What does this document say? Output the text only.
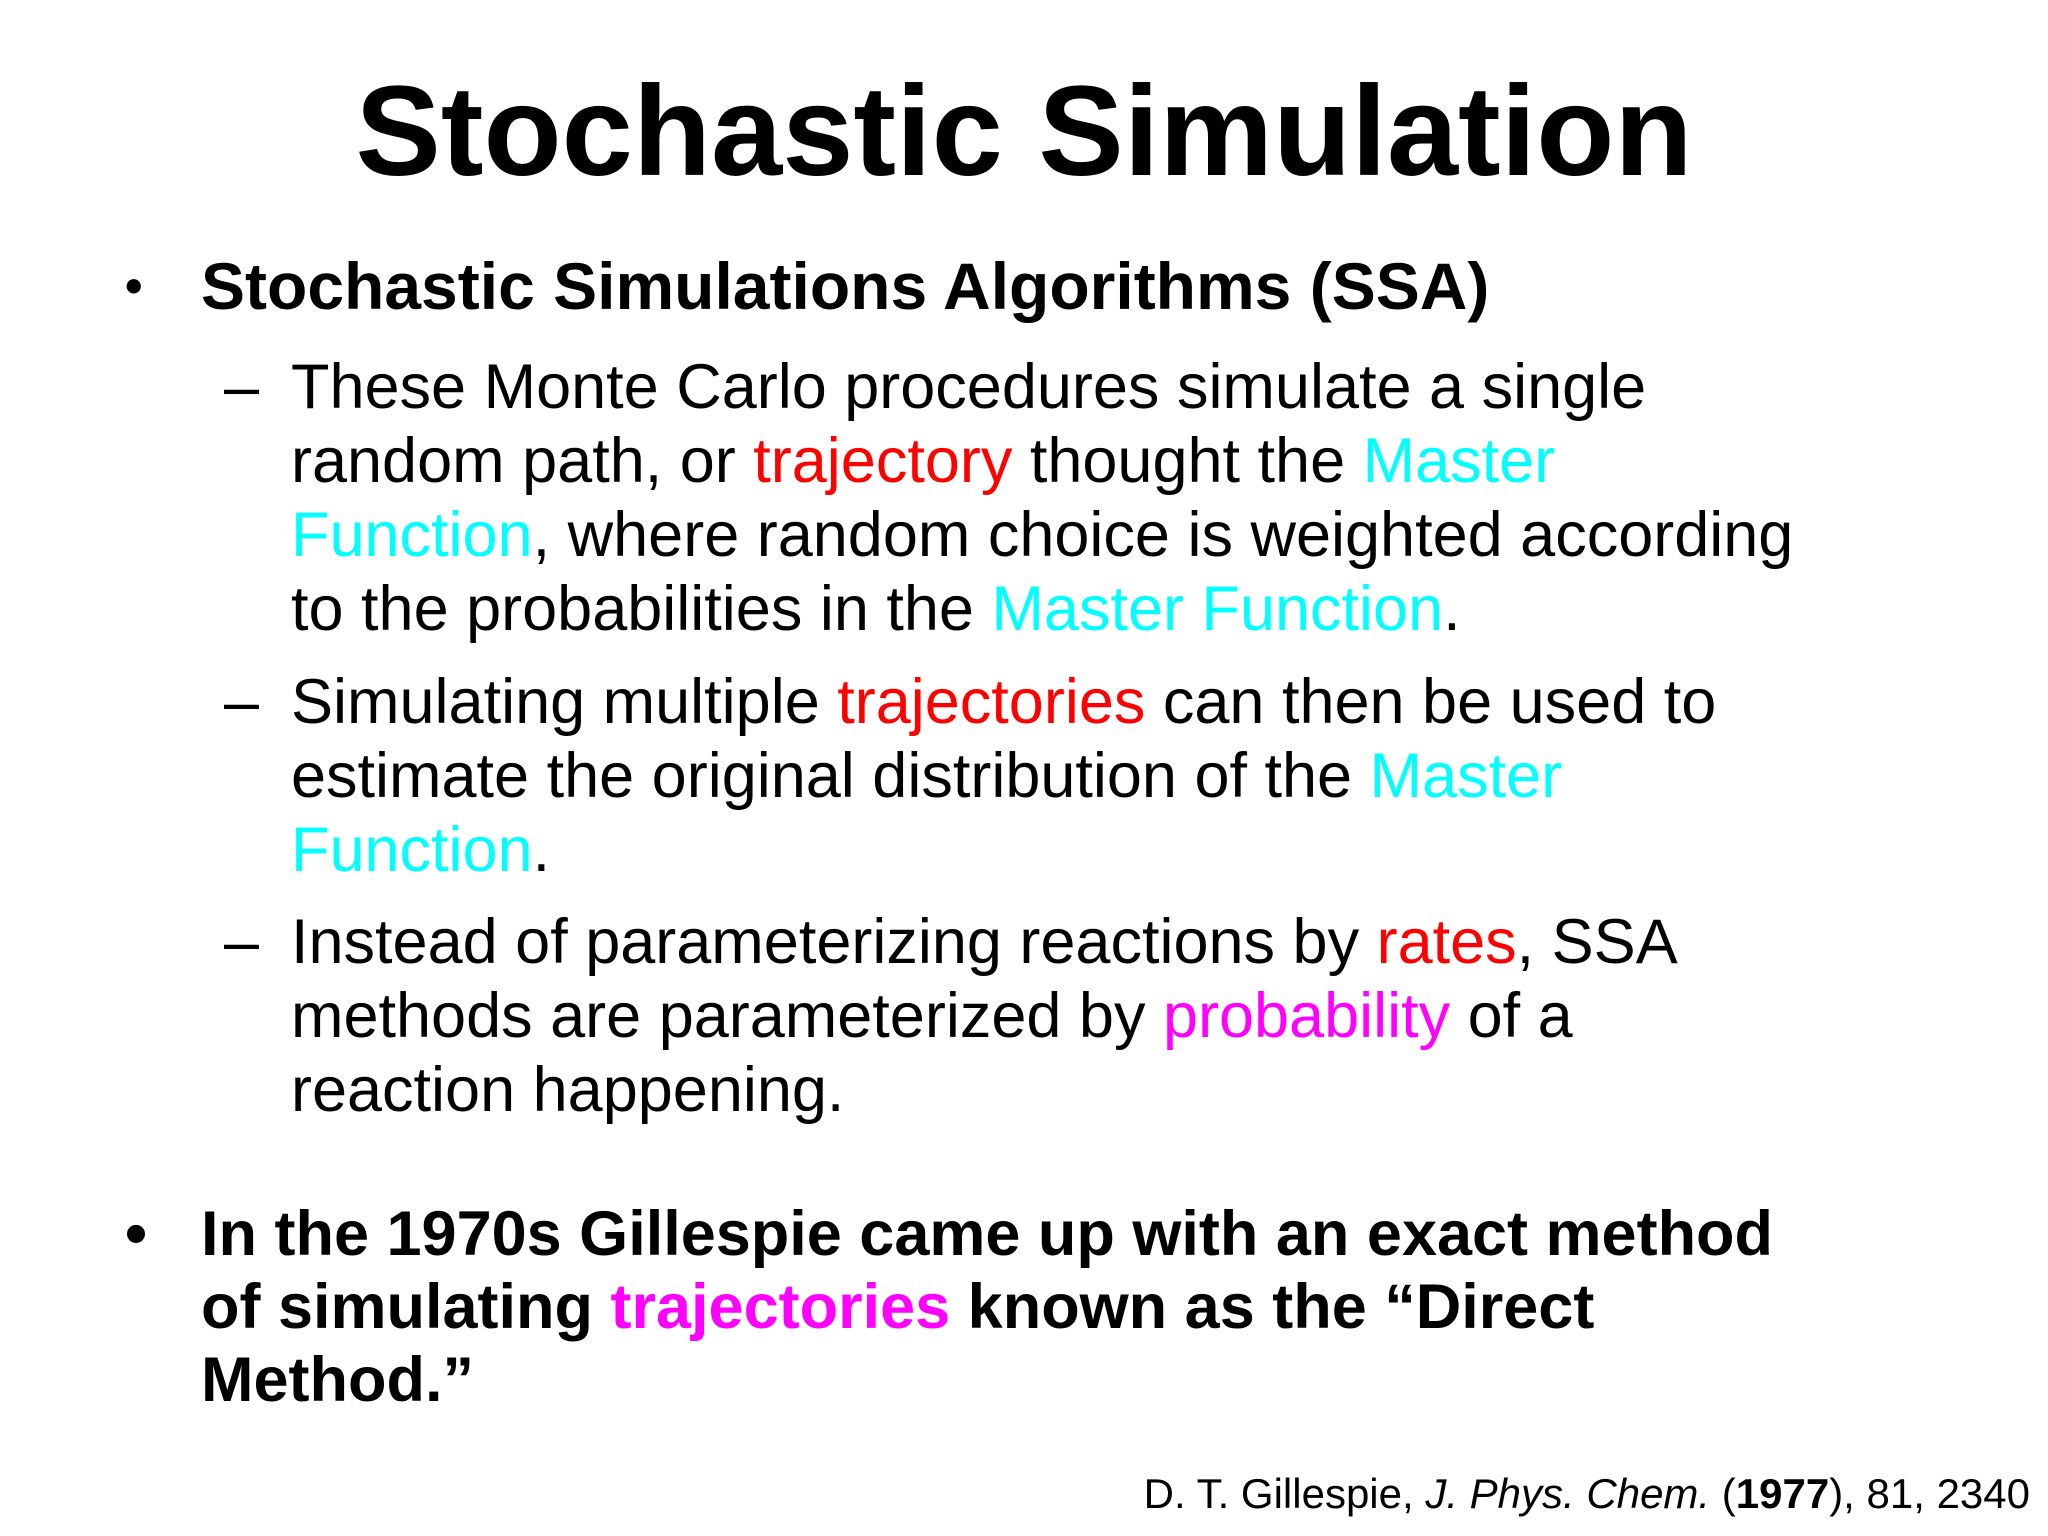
Stochastic Simulation
• Stochastic Simulations Algorithms (SSA)
– These Monte Carlo procedures simulate a single
random path, or trajectory thought the Master
Function, where random choice is weighted according
to the probabilities in the Master Function.
– Simulating multiple trajectories can then be used to
estimate the original distribution of the Master
Function.
– Instead of parameterizing reactions by rates, SSA
methods are parameterized by probability of a
reaction happening.
• In the 1970s Gillespie came up with an exact method
of simulating trajectories known as the “Direct
Method.”
D. T. Gillespie, J. Phys. Chem. (1977), 81, 2340
